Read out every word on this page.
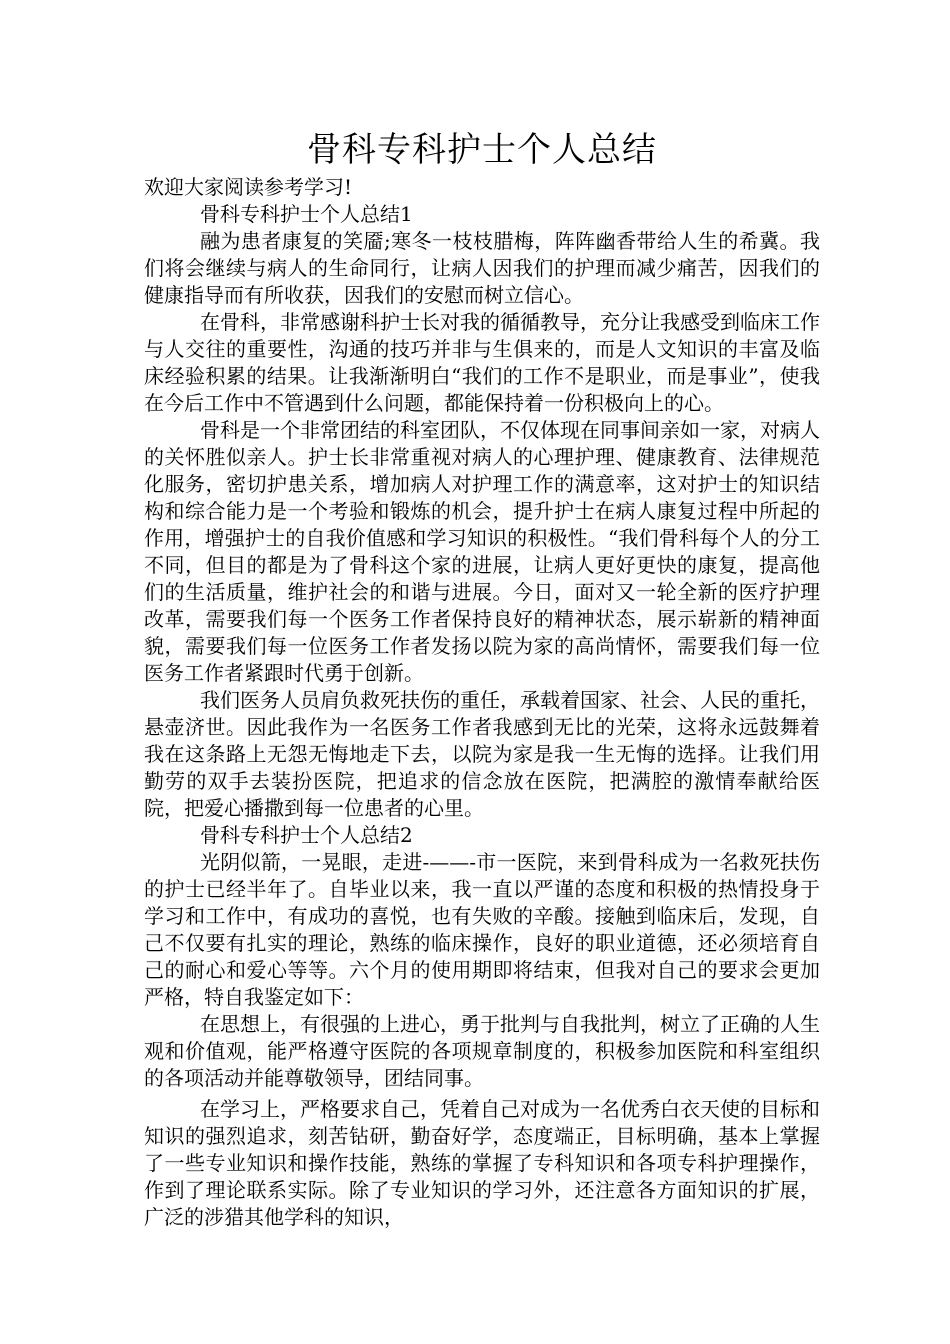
骨科专科护士个人总结

欢迎大家阅读参考学习!

骨科专科护士个人总结1

融为患者康复的笑靥;寒冬一枝枝腊梅，阵阵幽香带给人生的希冀。我们将会继续与病人的生命同行，让病人因我们的护理而减少痛苦，因我们的健康指导而有所收获，因我们的安慰而树立信心。

在骨科，非常感谢科护士长对我的循循教导，充分让我感受到临床工作与人交往的重要性，沟通的技巧并非与生俱来的，而是人文知识的丰富及临床经验积累的结果。让我渐渐明白“我们的工作不是职业，而是事业”，使我在今后工作中不管遇到什么问题，都能保持着一份积极向上的心。

骨科是一个非常团结的科室团队，不仅体现在同事间亲如一家，对病人的关怀胜似亲人。护士长非常重视对病人的心理护理、健康教育、法律规范化服务，密切护患关系，增加病人对护理工作的满意率，这对护士的知识结构和综合能力是一个考验和锻炼的机会，提升护士在病人康复过程中所起的作用，增强护士的自我价值感和学习知识的积极性。“我们骨科每个人的分工不同，但目的都是为了骨科这个家的进展，让病人更好更快的康复，提高他们的生活质量，维护社会的和谐与进展。今日，面对又一轮全新的医疗护理改革，需要我们每一个医务工作者保持良好的精神状态，展示崭新的精神面貌，需要我们每一位医务工作者发扬以院为家的高尚情怀，需要我们每一位医务工作者紧跟时代勇于创新。

我们医务人员肩负救死扶伤的重任，承载着国家、社会、人民的重托，悬壶济世。因此我作为一名医务工作者我感到无比的光荣，这将永远鼓舞着我在这条路上无怨无悔地走下去，以院为家是我一生无悔的选择。让我们用勤劳的双手去装扮医院，把追求的信念放在医院，把满腔的激情奉献给医院，把爱心播撒到每一位患者的心里。

骨科专科护士个人总结2

光阴似箭，一晃眼，走进-——-市一医院，来到骨科成为一名救死扶伤的护士已经半年了。自毕业以来，我一直以严谨的态度和积极的热情投身于学习和工作中，有成功的喜悦，也有失败的辛酸。接触到临床后，发现，自己不仅要有扎实的理论，熟练的临床操作，良好的职业道德，还必须培育自己的耐心和爱心等等。六个月的使用期即将结束，但我对自己的要求会更加严格，特自我鉴定如下：

在思想上，有很强的上进心，勇于批判与自我批判，树立了正确的人生观和价值观，能严格遵守医院的各项规章制度的，积极参加医院和科室组织的各项活动并能尊敬领导，团结同事。

在学习上，严格要求自己，凭着自己对成为一名优秀白衣天使的目标和知识的强烈追求，刻苦钻研，勤奋好学，态度端正，目标明确，基本上掌握了一些专业知识和操作技能，熟练的掌握了专科知识和各项专科护理操作，作到了理论联系实际。除了专业知识的学习外，还注意各方面知识的扩展，广泛的涉猎其他学科的知识，
